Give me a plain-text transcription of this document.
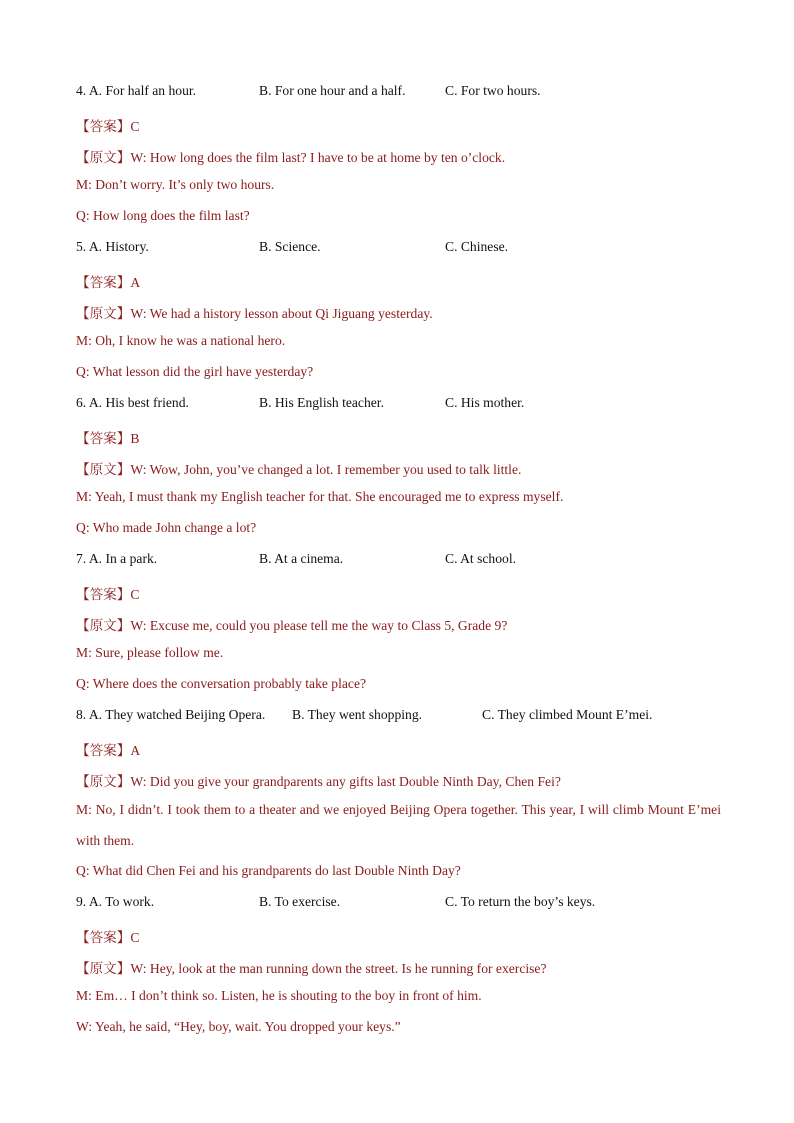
4. A. For half an hour.	B. For one hour and a half.	C. For two hours.
【答案】C
【原文】W: How long does the film last? I have to be at home by ten o’clock.
M: Don’t worry. It’s only two hours.
Q: How long does the film last?
5. A. History.	B. Science.	C. Chinese.
【答案】A
【原文】W: We had a history lesson about Qi Jiguang yesterday.
M: Oh, I know he was a national hero.
Q: What lesson did the girl have yesterday?
6. A. His best friend.	B. His English teacher.	C. His mother.
【答案】B
【原文】W: Wow, John, you’ve changed a lot. I remember you used to talk little.
M: Yeah, I must thank my English teacher for that. She encouraged me to express myself.
Q: Who made John change a lot?
7. A. In a park.	B. At a cinema.	C. At school.
【答案】C
【原文】W: Excuse me, could you please tell me the way to Class 5, Grade 9?
M: Sure, please follow me.
Q: Where does the conversation probably take place?
8. A. They watched Beijing Opera. B. They went shopping.	C. They climbed Mount E’mei.
【答案】A
【原文】W: Did you give your grandparents any gifts last Double Ninth Day, Chen Fei?
M: No, I didn’t. I took them to a theater and we enjoyed Beijing Opera together. This year, I will climb Mount E’mei with them.
Q: What did Chen Fei and his grandparents do last Double Ninth Day?
9. A. To work.	B. To exercise.	C. To return the boy’s keys.
【答案】C
【原文】W: Hey, look at the man running down the street. Is he running for exercise?
M: Em… I don’t think so. Listen, he is shouting to the boy in front of him.
W: Yeah, he said, “Hey, boy, wait. You dropped your keys.”
